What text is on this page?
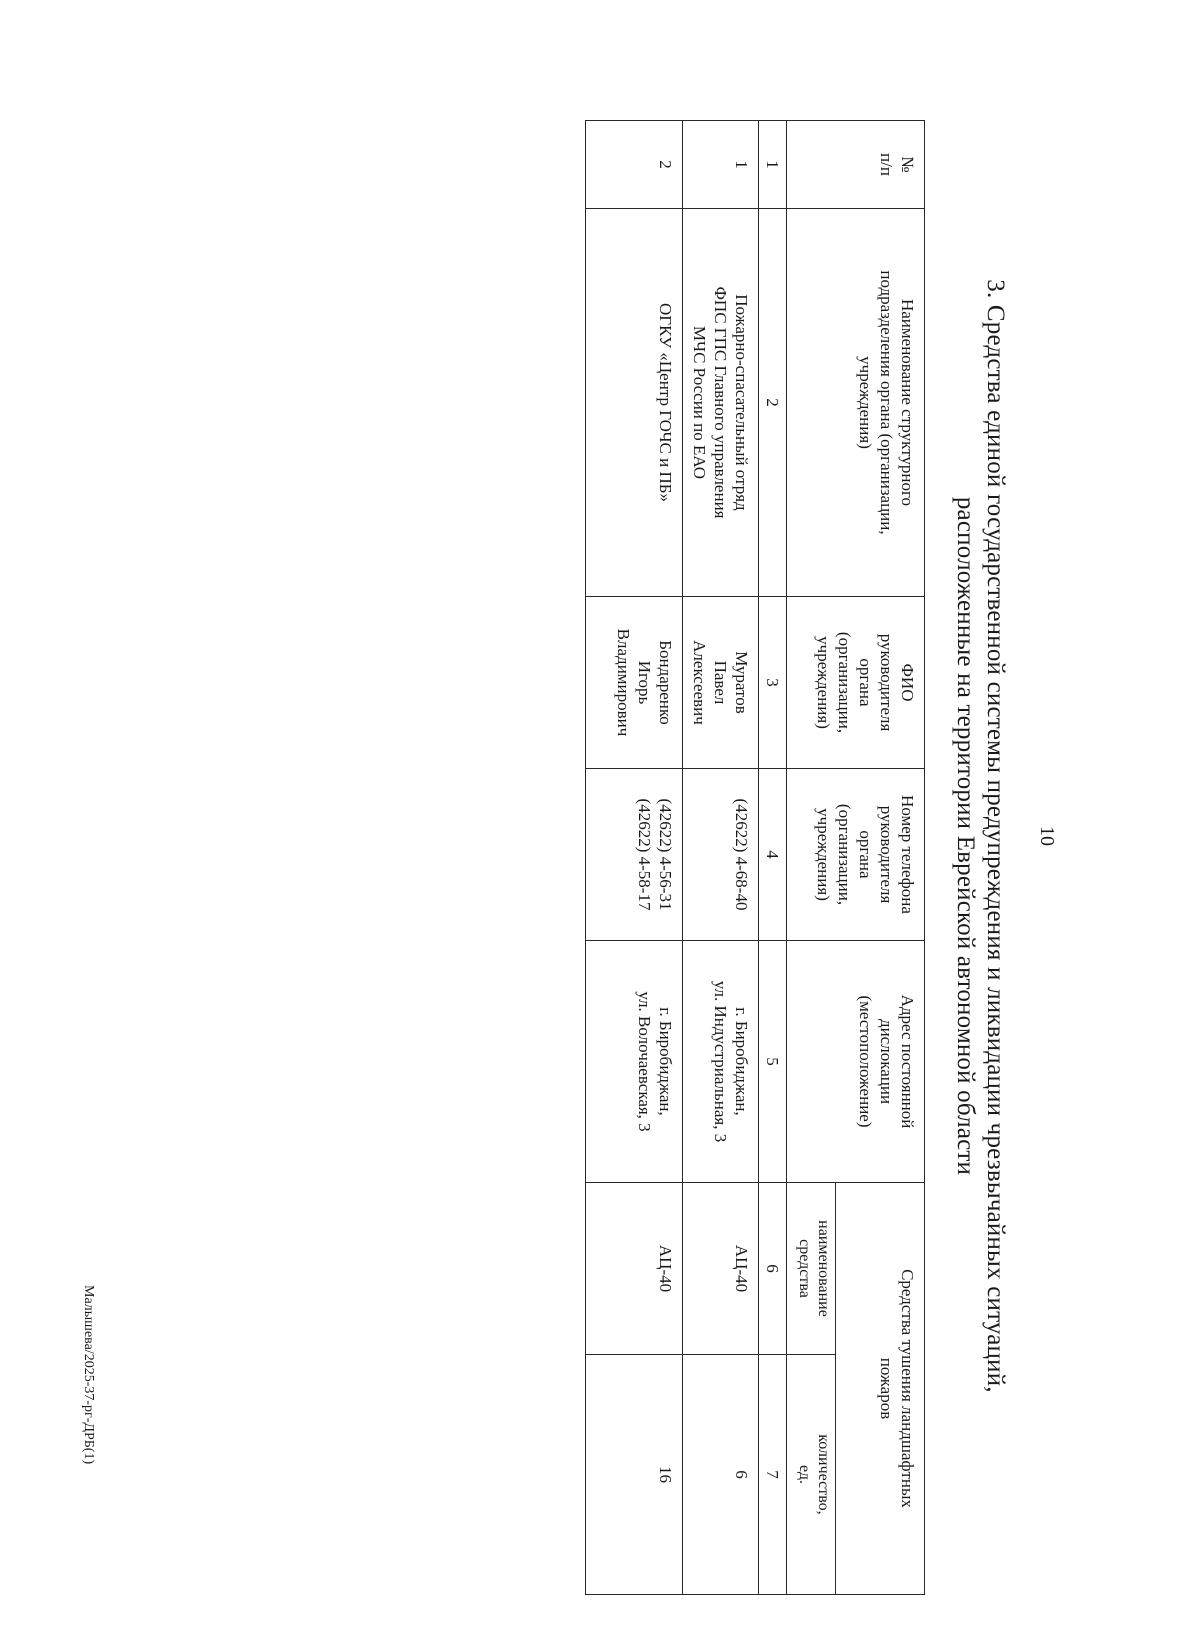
10
3. Средства единой государственной системы предупреждения и ликвидации чрезвычайных ситуаций,
расположенные на территории Еврейской автономной области
№
п/п	Наименование структурного
подразделения органа (организации,
учреждения)	ФИО
руководителя
органа
(организации,
учреждения)	Номер телефона
руководителя
органа
(организации,
учреждения)	Адрес постоянной
дислокации
(местоположение)	Средства тушения ландшафтных
пожаров	

					наименование
средства	количество,
ед.

1	2	3	4	5	6	7
1	Пожарно-спасательный отряд
ФПС ГПС Главного управления
МЧС России по ЕАО	Муратов
Павел
Алексеевич	(42622) 4-68-40	г. Биробиджан,
ул. Индустриальная, 3	АЦ-40	6
2	ОГКУ «Центр ГОЧС и ПБ»	Бондаренко
Игорь
Владимирович	(42622) 4-56-31
(42622) 4-58-17	г. Биробиджан,
ул. Волочаевская, 3	АЦ-40	16
Малышева/2025-37-рг-ДРБ(1)
